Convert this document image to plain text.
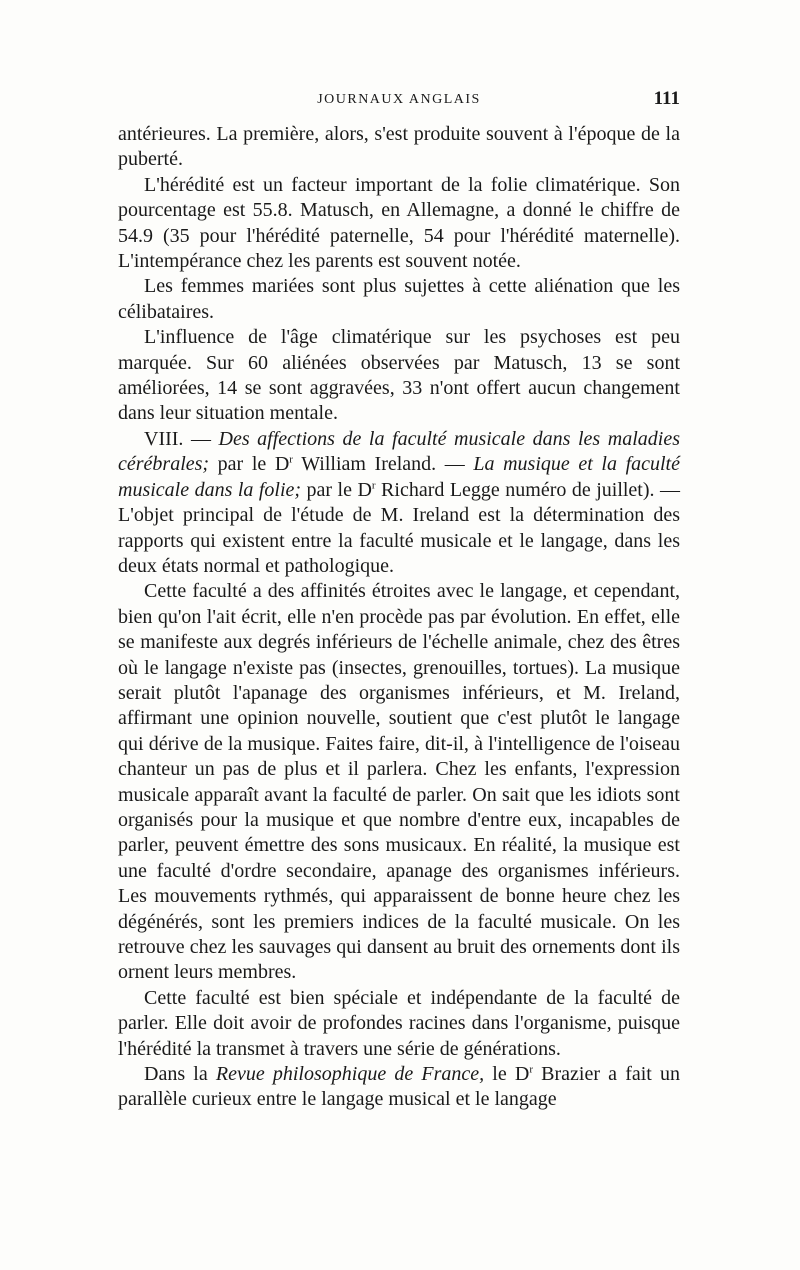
JOURNAUX ANGLAIS	111

antérieures. La première, alors, s'est produite souvent à l'époque de la puberté.

L'hérédité est un facteur important de la folie climatérique. Son pourcentage est 55.8. Matusch, en Allemagne, a donné le chiffre de 54.9 (35 pour l'hérédité paternelle, 54 pour l'hérédité maternelle). L'intempérance chez les parents est souvent notée.

Les femmes mariées sont plus sujettes à cette aliénation que les célibataires.

L'influence de l'âge climatérique sur les psychoses est peu marquée. Sur 60 aliénées observées par Matusch, 13 se sont améliorées, 14 se sont aggravées, 33 n'ont offert aucun changement dans leur situation mentale.

VIII. — Des affections de la faculté musicale dans les maladies cérébrales; par le $D^r$ William Ireland. — La musique et la faculté musicale dans la folie; par le $D^r$ Richard Legge numéro de juillet). — L'objet principal de l'étude de M. Ireland est la détermination des rapports qui existent entre la faculté musicale et le langage, dans les deux états normal et pathologique.

Cette faculté a des affinités étroites avec le langage, et cependant, bien qu'on l'ait écrit, elle n'en procède pas par évolution. En effet, elle se manifeste aux degrés inférieurs de l'échelle animale, chez des êtres où le langage n'existe pas (insectes, grenouilles, tortues). La musique serait plutôt l'apanage des organismes inférieurs, et M. Ireland, affirmant une opinion nouvelle, soutient que c'est plutôt le langage qui dérive de la musique. Faites faire, dit-il, à l'intelligence de l'oiseau chanteur un pas de plus et il parlera. Chez les enfants, l'expression musicale apparaît avant la faculté de parler. On sait que les idiots sont organisés pour la musique et que nombre d'entre eux, incapables de parler, peuvent émettre des sons musicaux. En réalité, la musique est une faculté d'ordre secondaire, apanage des organismes inférieurs. Les mouvements rythmés, qui apparaissent de bonne heure chez les dégénérés, sont les premiers indices de la faculté musicale. On les retrouve chez les sauvages qui dansent au bruit des ornements dont ils ornent leurs membres.

Cette faculté est bien spéciale et indépendante de la faculté de parler. Elle doit avoir de profondes racines dans l'organisme, puisque l'hérédité la transmet à travers une série de générations.

Dans la Revue philosophique de France, le $D^r$ Brazier a fait un parallèle curieux entre le langage musical et le langage
